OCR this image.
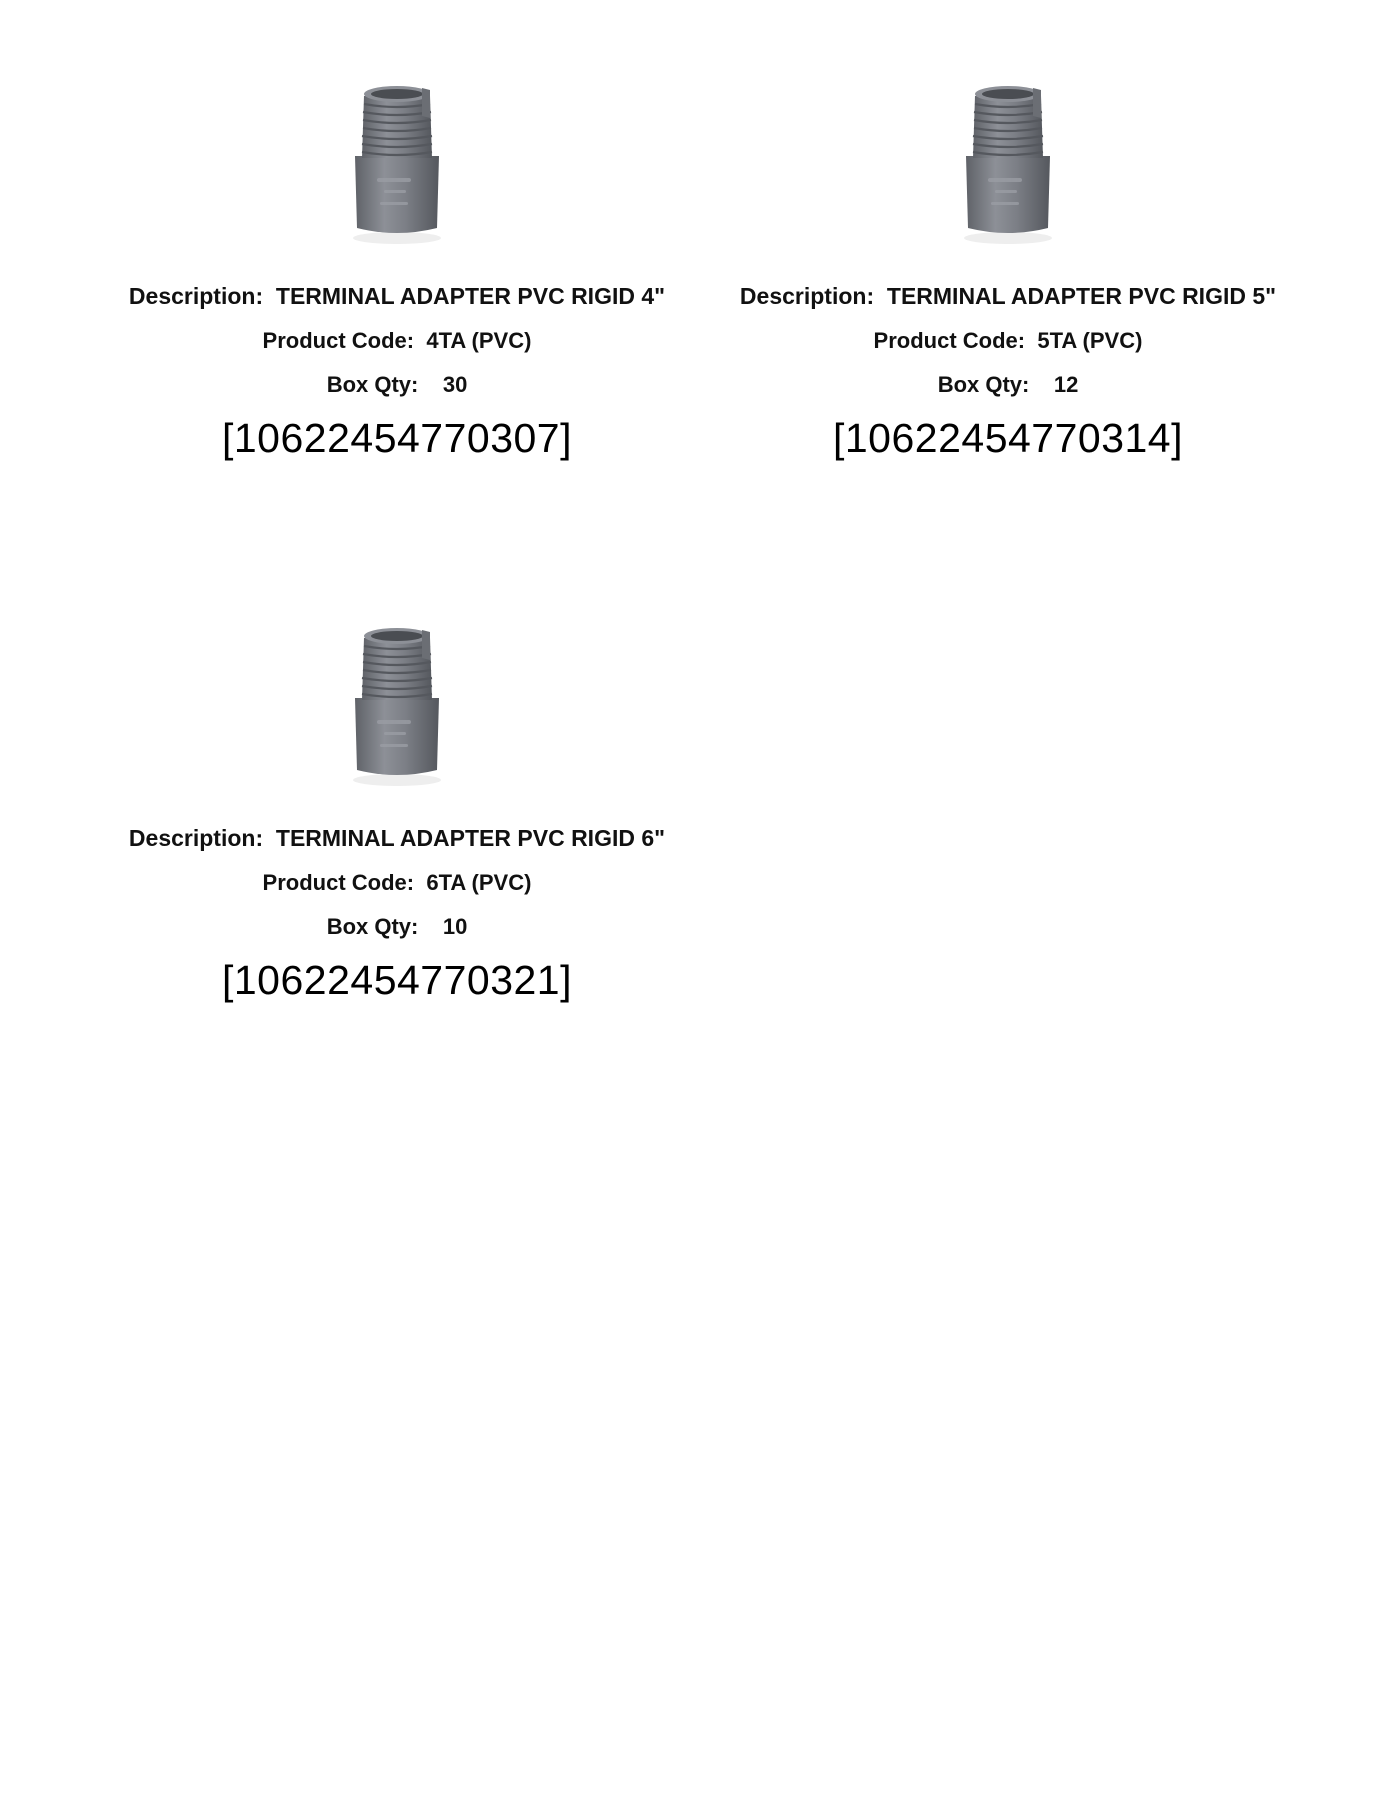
Description: TERMINAL ADAPTER PVC RIGID 4"
Product Code: 4TA (PVC)
Box Qty: 30
[10622454770307]
Description: TERMINAL ADAPTER PVC RIGID 5"
Product Code: 5TA (PVC)
Box Qty: 12
[10622454770314]
Description: TERMINAL ADAPTER PVC RIGID 6"
Product Code: 6TA (PVC)
Box Qty: 10
[10622454770321]
